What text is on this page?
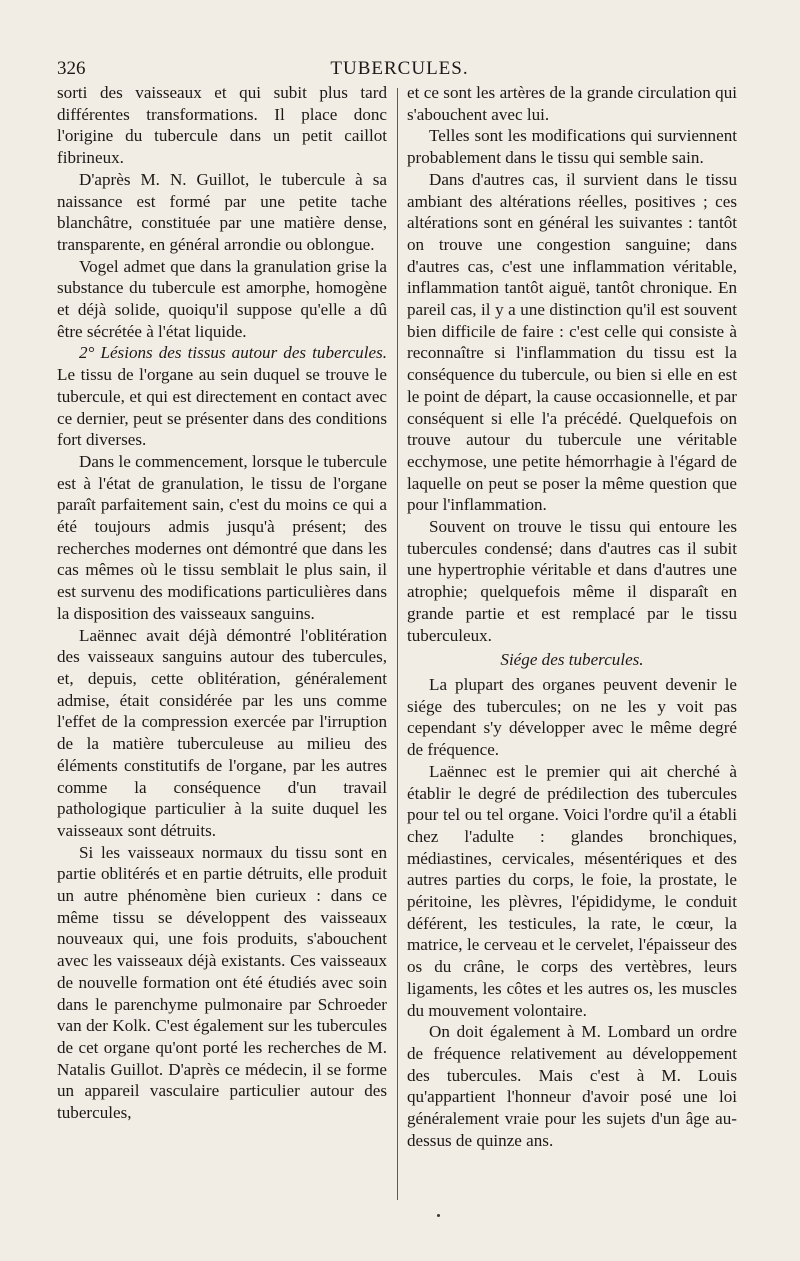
326	TUBERCULES.

sorti des vaisseaux et qui subit plus tard différentes transformations. Il place donc l'origine du tubercule dans un petit caillot fibrineux.

D'après M. N. Guillot, le tubercule à sa naissance est formé par une petite tache blanchâtre, constituée par une matière dense, transparente, en général arrondie ou oblongue.

Vogel admet que dans la granulation grise la substance du tubercule est amorphe, homogène et déjà solide, quoiqu'il suppose qu'elle a dû être sécrétée à l'état liquide.

2° Lésions des tissus autour des tubercules. Le tissu de l'organe au sein duquel se trouve le tubercule, et qui est directement en contact avec ce dernier, peut se présenter dans des conditions fort diverses.

Dans le commencement, lorsque le tubercule est à l'état de granulation, le tissu de l'organe paraît parfaitement sain, c'est du moins ce qui a été toujours admis jusqu'à présent; des recherches modernes ont démontré que dans les cas mêmes où le tissu semblait le plus sain, il est survenu des modifications particulières dans la disposition des vaisseaux sanguins.

Laënnec avait déjà démontré l'oblitération des vaisseaux sanguins autour des tubercules, et, depuis, cette oblitération, généralement admise, était considérée par les uns comme l'effet de la compression exercée par l'irruption de la matière tuberculeuse au milieu des éléments constitutifs de l'organe, par les autres comme la conséquence d'un travail pathologique particulier à la suite duquel les vaisseaux sont détruits.

Si les vaisseaux normaux du tissu sont en partie oblitérés et en partie détruits, elle produit un autre phénomène bien curieux : dans ce même tissu se développent des vaisseaux nouveaux qui, une fois produits, s'abouchent avec les vaisseaux déjà existants. Ces vaisseaux de nouvelle formation ont été étudiés avec soin dans le parenchyme pulmonaire par Schroeder van der Kolk. C'est également sur les tubercules de cet organe qu'ont porté les recherches de M. Natalis Guillot. D'après ce médecin, il se forme un appareil vasculaire particulier autour des tubercules,

et ce sont les artères de la grande circulation qui s'abouchent avec lui.

Telles sont les modifications qui surviennent probablement dans le tissu qui semble sain.

Dans d'autres cas, il survient dans le tissu ambiant des altérations réelles, positives ; ces altérations sont en général les suivantes : tantôt on trouve une congestion sanguine; dans d'autres cas, c'est une inflammation véritable, inflammation tantôt aiguë, tantôt chronique. En pareil cas, il y a une distinction qu'il est souvent bien difficile de faire : c'est celle qui consiste à reconnaître si l'inflammation du tissu est la conséquence du tubercule, ou bien si elle en est le point de départ, la cause occasionnelle, et par conséquent si elle l'a précédé. Quelquefois on trouve autour du tubercule une véritable ecchymose, une petite hémorrhagie à l'égard de laquelle on peut se poser la même question que pour l'inflammation.

Souvent on trouve le tissu qui entoure les tubercules condensé; dans d'autres cas il subit une hypertrophie véritable et dans d'autres une atrophie; quelquefois même il disparaît en grande partie et est remplacé par le tissu tuberculeux.

Siége des tubercules.

La plupart des organes peuvent devenir le siége des tubercules; on ne les y voit pas cependant s'y développer avec le même degré de fréquence.

Laënnec est le premier qui ait cherché à établir le degré de prédilection des tubercules pour tel ou tel organe. Voici l'ordre qu'il a établi chez l'adulte : glandes bronchiques, médiastines, cervicales, mésentériques et des autres parties du corps, le foie, la prostate, le péritoine, les plèvres, l'épididyme, le conduit déférent, les testicules, la rate, le cœur, la matrice, le cerveau et le cervelet, l'épaisseur des os du crâne, le corps des vertèbres, leurs ligaments, les côtes et les autres os, les muscles du mouvement volontaire.

On doit également à M. Lombard un ordre de fréquence relativement au développement des tubercules. Mais c'est à M. Louis qu'appartient l'honneur d'avoir posé une loi généralement vraie pour les sujets d'un âge au-dessus de quinze ans.
